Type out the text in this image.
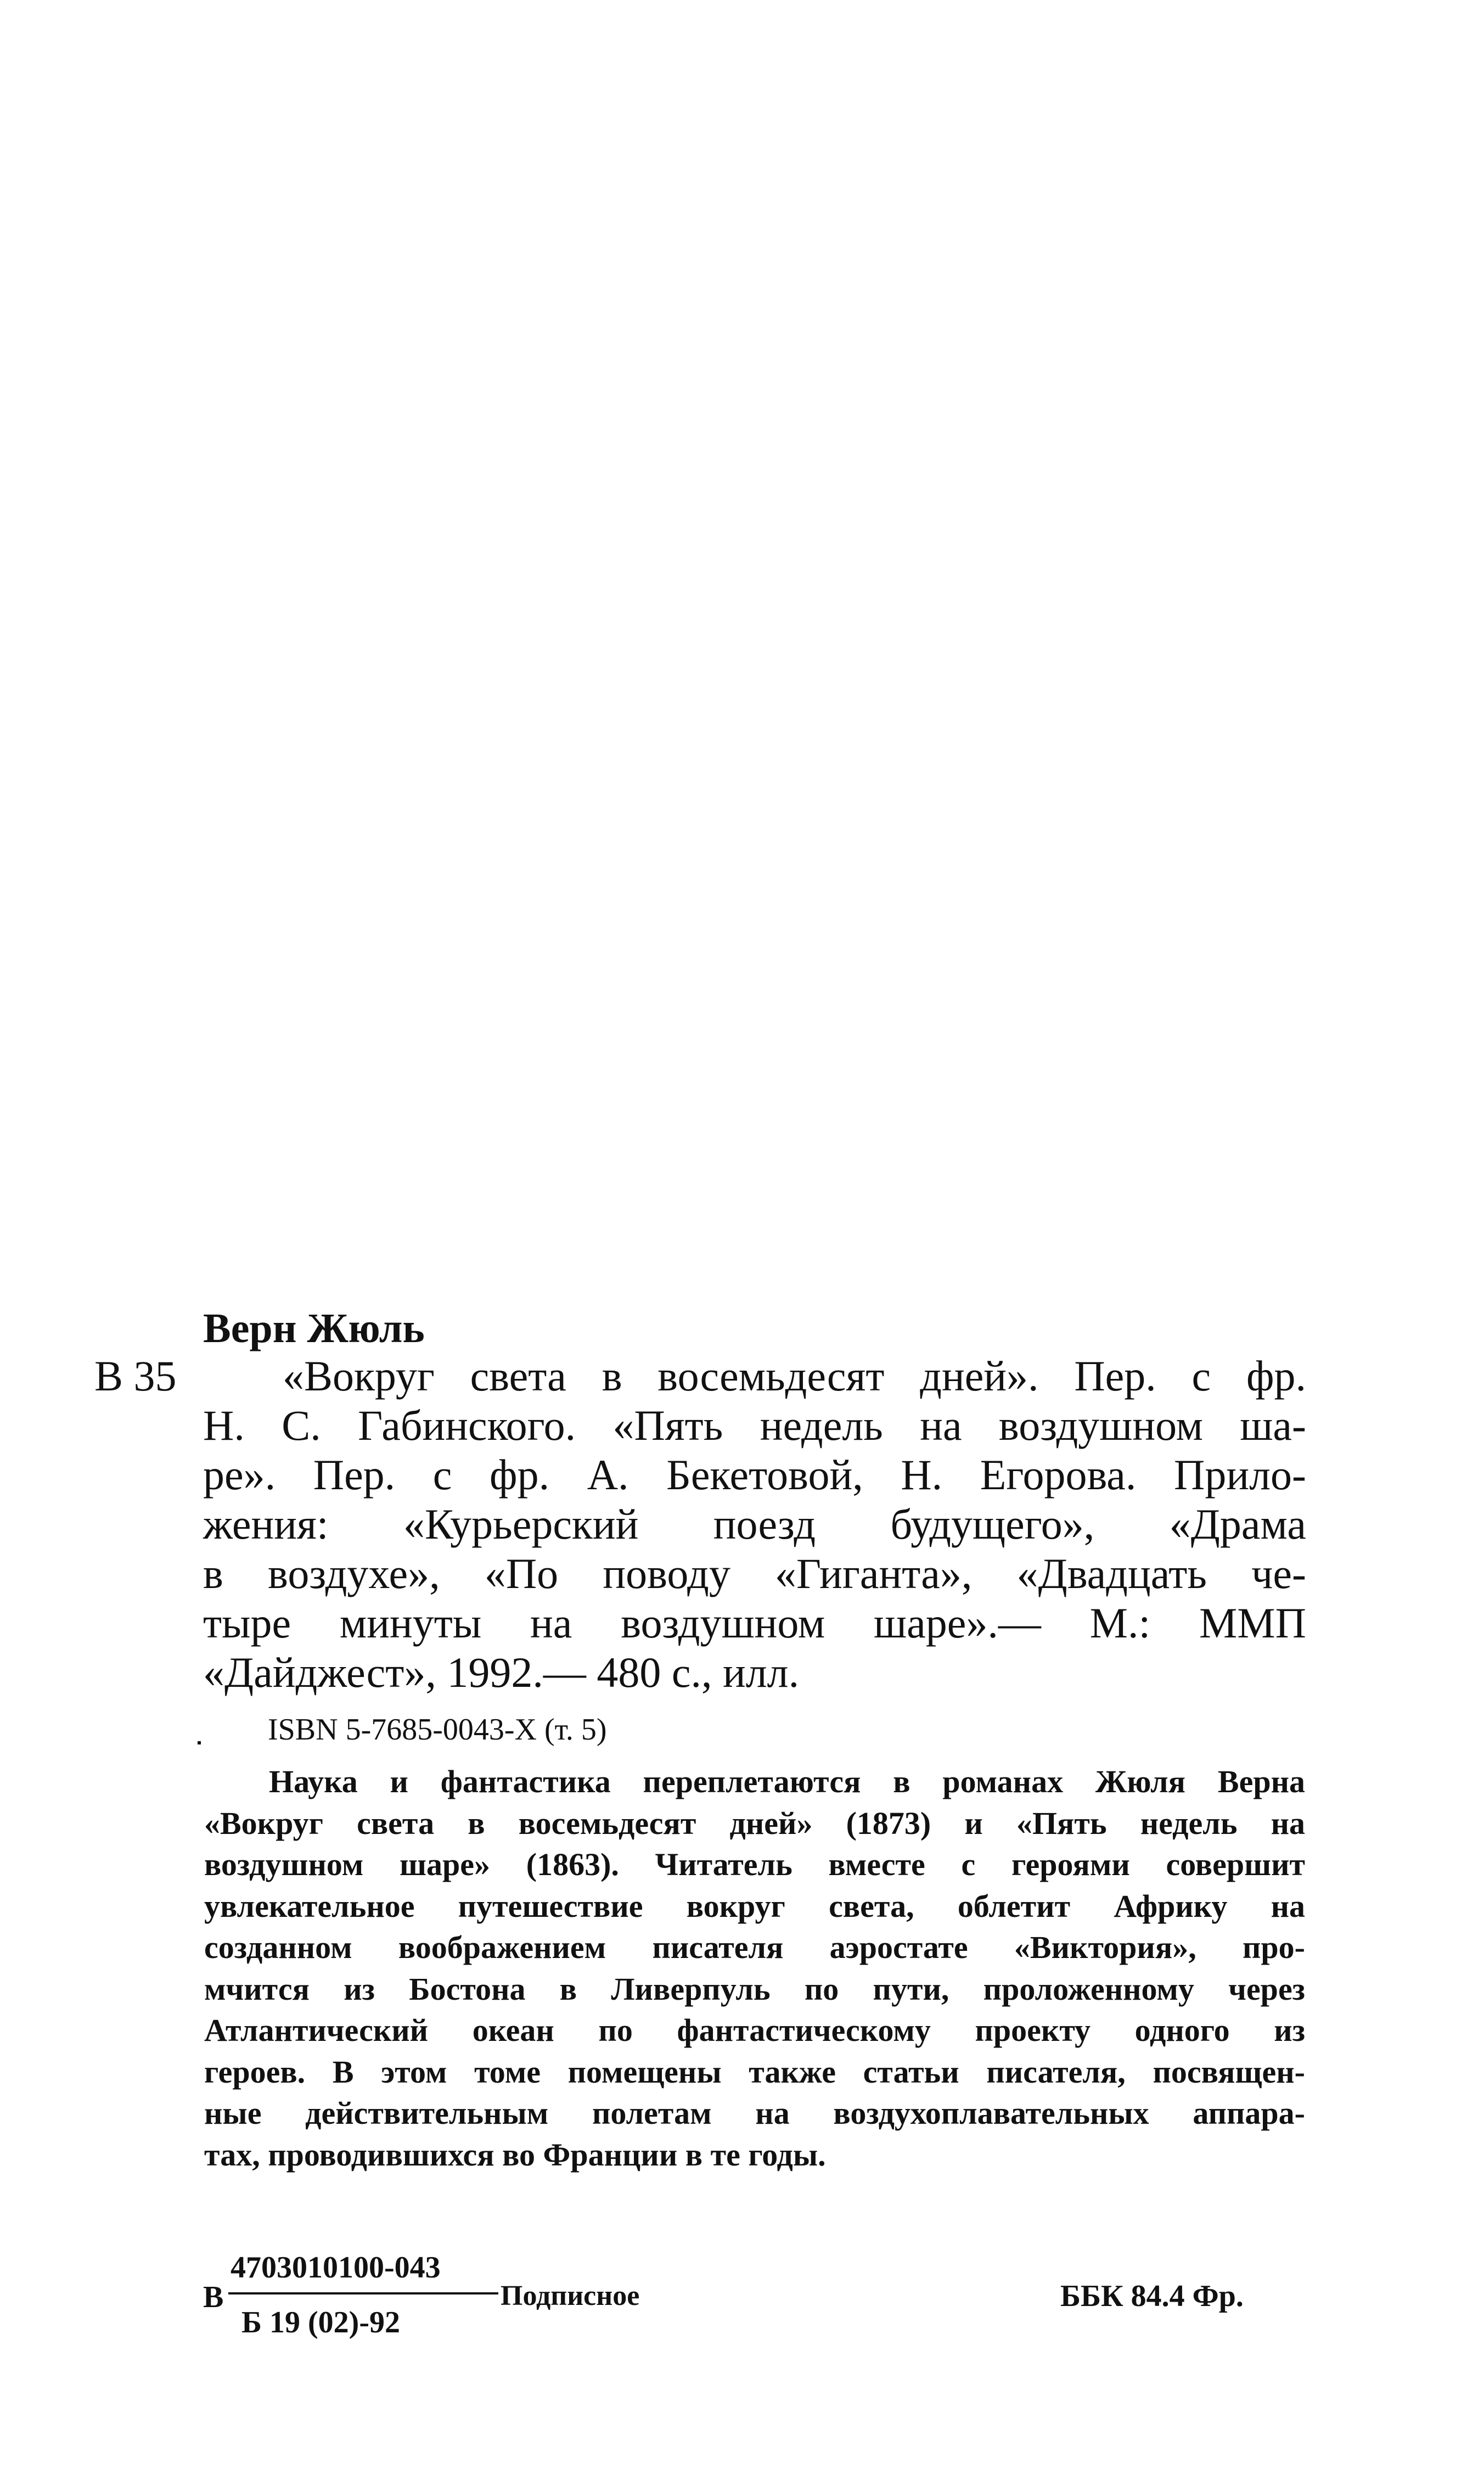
Верн Жюль
В 35	«Вокруг света в восемьдесят дней». Пер. с фр.
Н. С. Габинского. «Пять недель на воздушном ша-
ре». Пер. с фр. А. Бекетовой, Н. Егорова. Прило-
жения: «Курьерский поезд будущего», «Драма
в воздухе», «По поводу «Гиганта», «Двадцать че-
тыре минуты на воздушном шаре».— М.: ММП
«Дайджест», 1992.— 480 с., илл.
ISBN 5-7685-0043-X (т. 5)
Наука и фантастика переплетаются в романах Жюля Верна
«Вокруг света в восемьдесят дней» (1873) и «Пять недель на
воздушном шаре» (1863). Читатель вместе с героями совершит
увлекательное путешествие вокруг света, облетит Африку на
созданном воображением писателя аэростате «Виктория», про-
мчится из Бостона в Ливерпуль по пути, проложенному через
Атлантический океан по фантастическому проекту одного из
героев. В этом томе помещены также статьи писателя, посвящен-
ные действительным полетам на воздухоплавательных аппара-
тах, проводившихся во Франции в те годы.
В
4703010100-043
Б 19 (02)-92
Подписное	ББК 84.4 Фр.
